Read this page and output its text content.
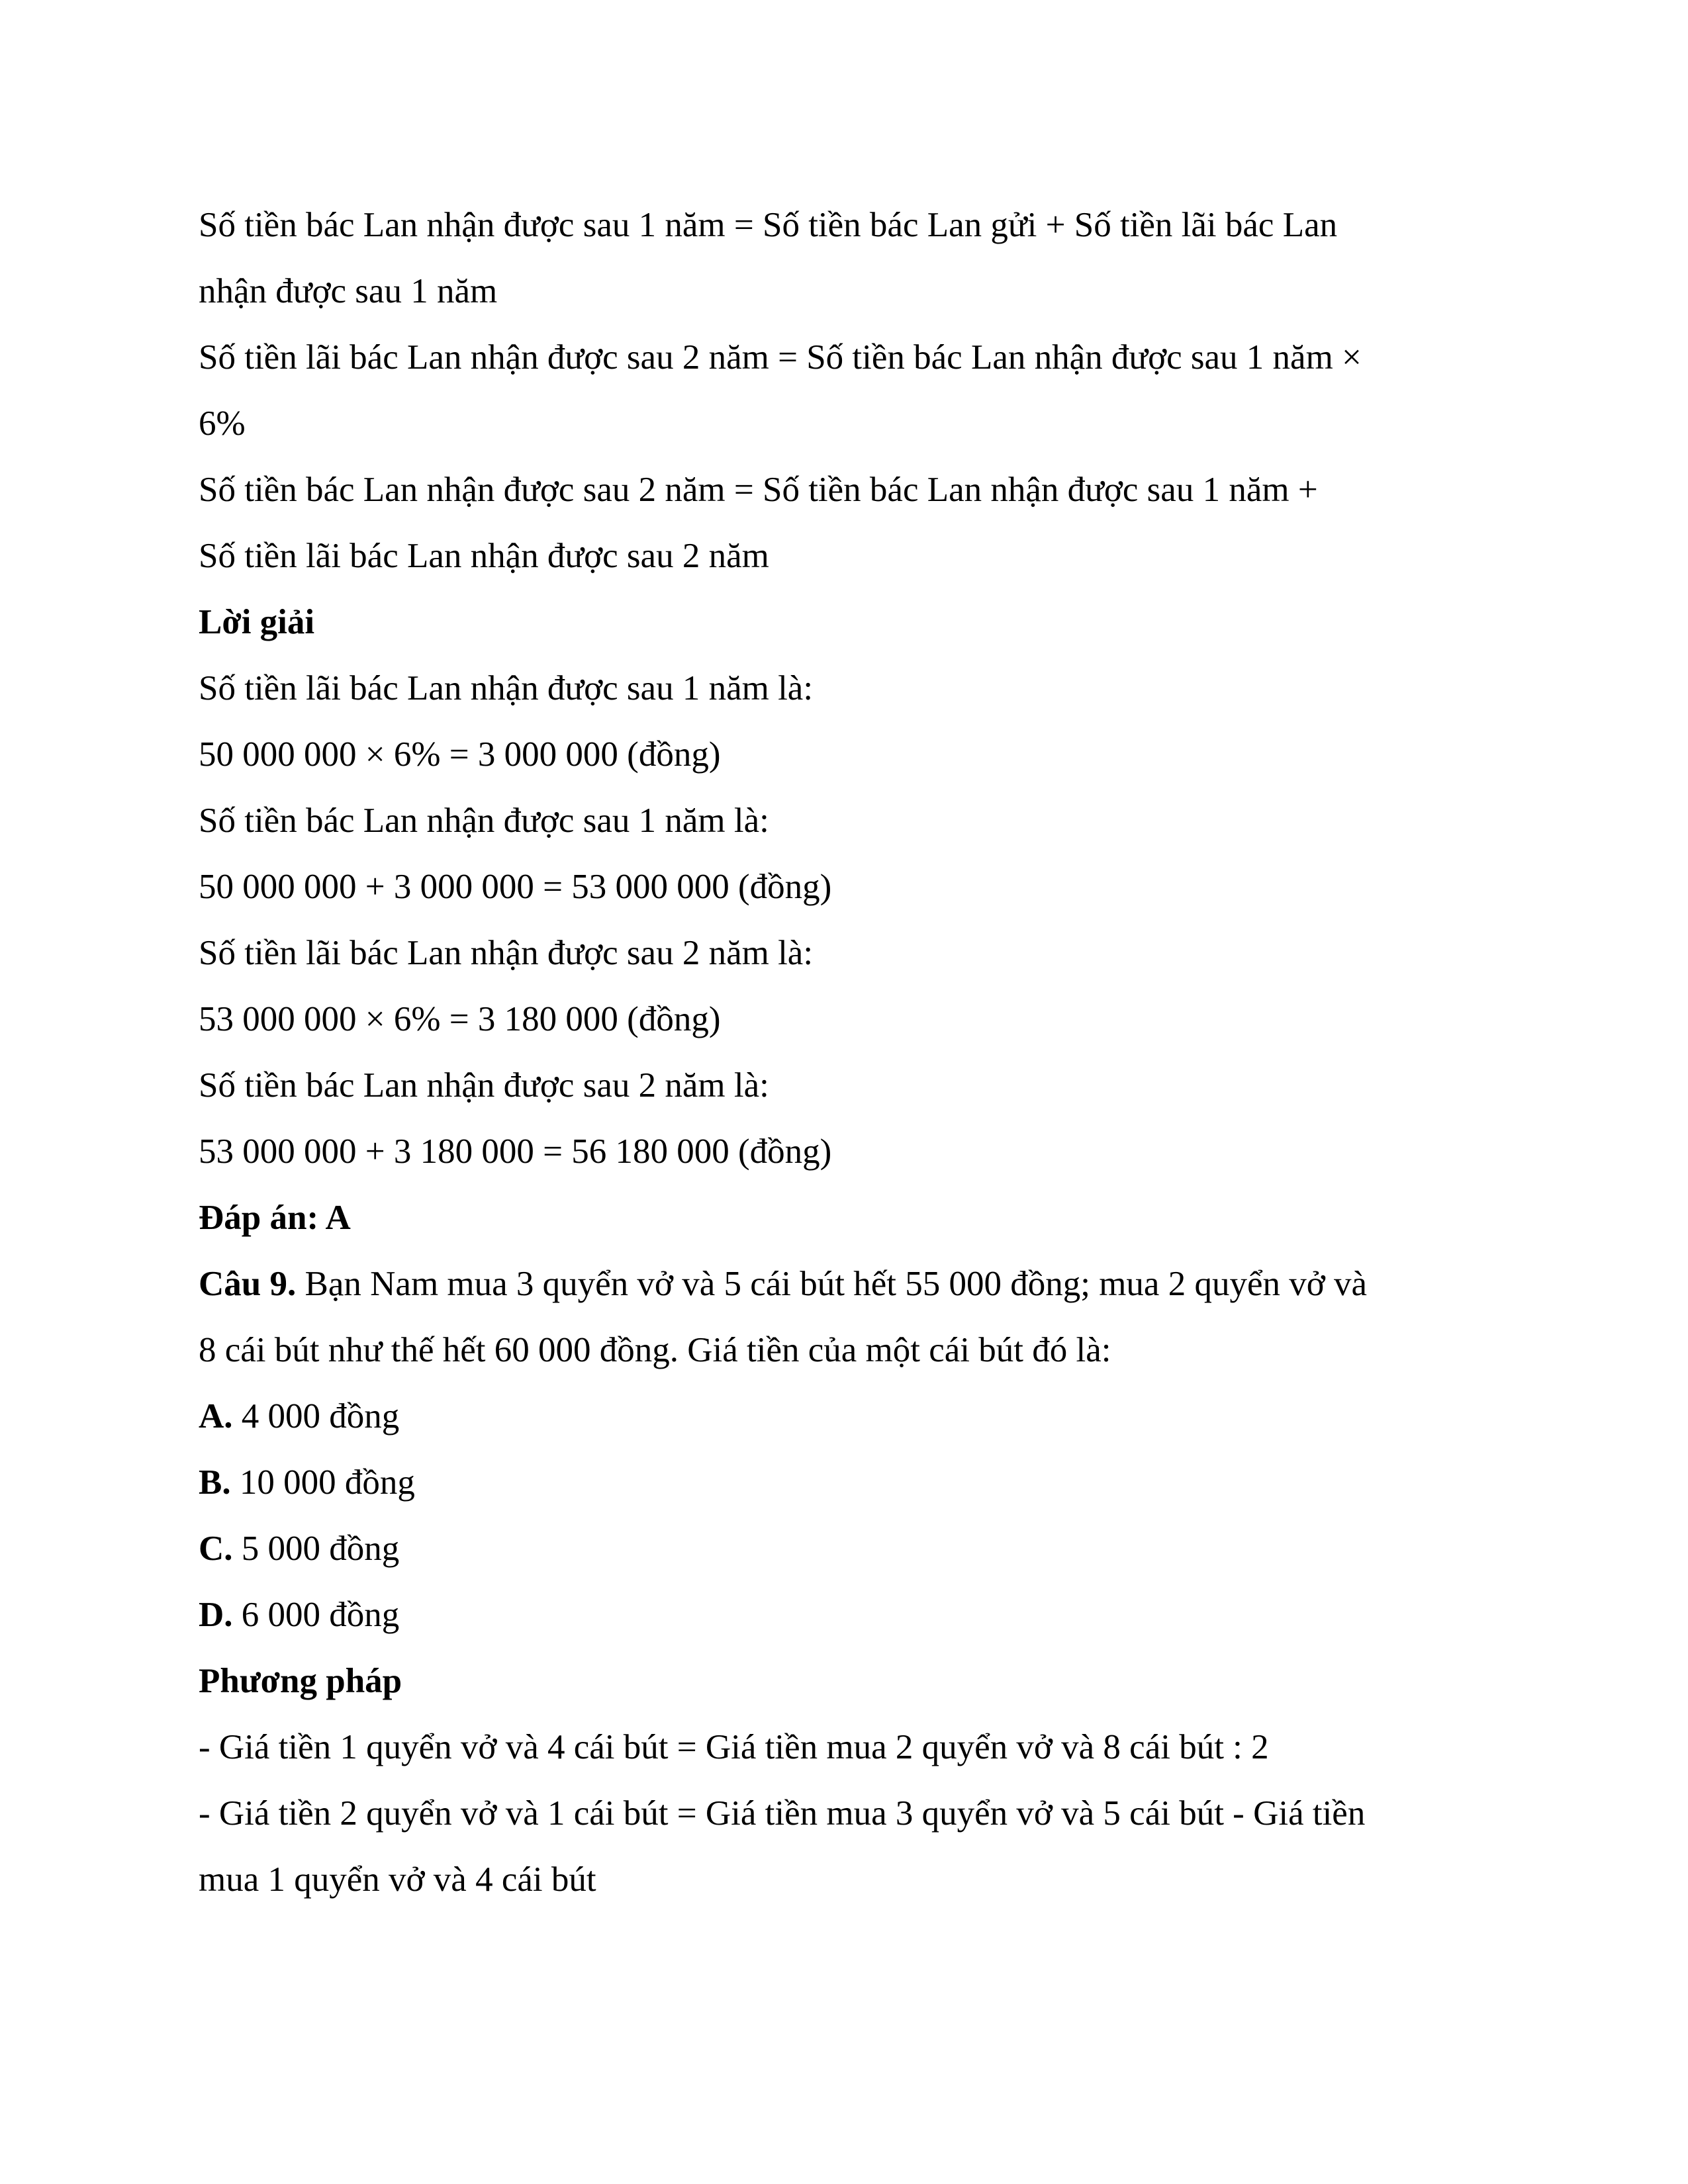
Số tiền bác Lan nhận được sau 1 năm = Số tiền bác Lan gửi + Số tiền lãi bác Lan
nhận được sau 1 năm
Số tiền lãi bác Lan nhận được sau 2 năm = Số tiền bác Lan nhận được sau 1 năm ×
6%
Số tiền bác Lan nhận được sau 2 năm = Số tiền bác Lan nhận được sau 1 năm +
Số tiền lãi bác Lan nhận được sau 2 năm
Lời giải
Số tiền lãi bác Lan nhận được sau 1 năm là:
50 000 000 × 6% = 3 000 000 (đồng)
Số tiền bác Lan nhận được sau 1 năm là:
50 000 000 + 3 000 000 = 53 000 000 (đồng)
Số tiền lãi bác Lan nhận được sau 2 năm là:
53 000 000 × 6% = 3 180 000 (đồng)
Số tiền bác Lan nhận được sau 2 năm là:
53 000 000 + 3 180 000 = 56 180 000 (đồng)
Đáp án: A
Câu 9. Bạn Nam mua 3 quyển vở và 5 cái bút hết 55 000 đồng; mua 2 quyển vở và
8 cái bút như thế hết 60 000 đồng. Giá tiền của một cái bút đó là:
A. 4 000 đồng
B. 10 000 đồng
C. 5 000 đồng
D. 6 000 đồng
Phương pháp
- Giá tiền 1 quyển vở và 4 cái bút = Giá tiền mua 2 quyển vở và 8 cái bút : 2
- Giá tiền 2 quyển vở và 1 cái bút = Giá tiền mua 3 quyển vở và 5 cái bút - Giá tiền
mua 1 quyển vở và 4 cái bút
